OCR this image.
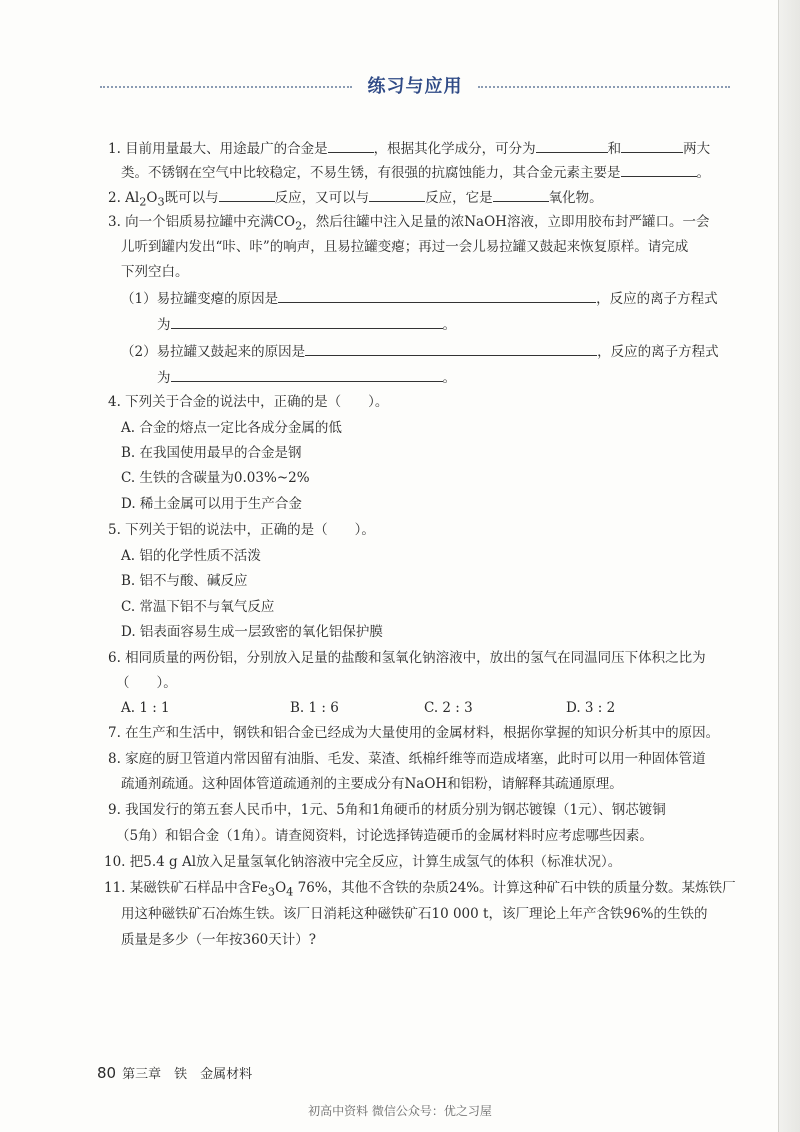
练习与应用
1. 目前用量最大、用途最广的合金是	，根据其化学成分，可分为	和	两大
类。不锈钢在空气中比较稳定，不易生锈，有很强的抗腐蚀能力，其合金元素主要是	。
2. $Al_2O_3$既可以与	反应，又可以与	反应，它是	氧化物。
3. 向一个铝质易拉罐中充满$CO_2$，然后往罐中注入足量的浓NaOH溶液，立即用胶布封严罐口。一会
儿听到罐内发出“咔、咔”的响声，且易拉罐变瘪；再过一会儿易拉罐又鼓起来恢复原样。请完成
下列空白。
（1）易拉罐变瘪的原因是	，反应的离子方程式
为	。
（2）易拉罐又鼓起来的原因是	，反应的离子方程式
为	。
4. 下列关于合金的说法中，正确的是（　　）。
A. 合金的熔点一定比各成分金属的低
B. 在我国使用最早的合金是钢
C. 生铁的含碳量为0.03%~2%
D. 稀土金属可以用于生产合金
5. 下列关于铝的说法中，正确的是（　　）。
A. 铝的化学性质不活泼
B. 铝不与酸、碱反应
C. 常温下铝不与氧气反应
D. 铝表面容易生成一层致密的氧化铝保护膜
6. 相同质量的两份铝，分别放入足量的盐酸和氢氧化钠溶液中，放出的氢气在同温同压下体积之比为
（　　）。
A. 1 : 1	B. 1 : 6	C. 2 : 3	D. 3 : 2
7. 在生产和生活中，钢铁和铝合金已经成为大量使用的金属材料，根据你掌握的知识分析其中的原因。
8. 家庭的厨卫管道内常因留有油脂、毛发、菜渣、纸棉纤维等而造成堵塞，此时可以用一种固体管道
疏通剂疏通。这种固体管道疏通剂的主要成分有NaOH和铝粉，请解释其疏通原理。
9. 我国发行的第五套人民币中，1元、5角和1角硬币的材质分别为钢芯镀镍（1元）、钢芯镀铜
（5角）和铝合金（1角）。请查阅资料，讨论选择铸造硬币的金属材料时应考虑哪些因素。
10. 把5.4 g Al放入足量氢氧化钠溶液中完全反应，计算生成氢气的体积（标准状况）。
11. 某磁铁矿石样品中含$Fe_3O_4$ 76%，其他不含铁的杂质24%。计算这种矿石中铁的质量分数。某炼铁厂
用这种磁铁矿石冶炼生铁。该厂日消耗这种磁铁矿石10 000 t，该厂理论上年产含铁96%的生铁的
质量是多少（一年按360天计）?
80 第三章　铁　金属材料
初高中资料 微信公众号：优之习屋
